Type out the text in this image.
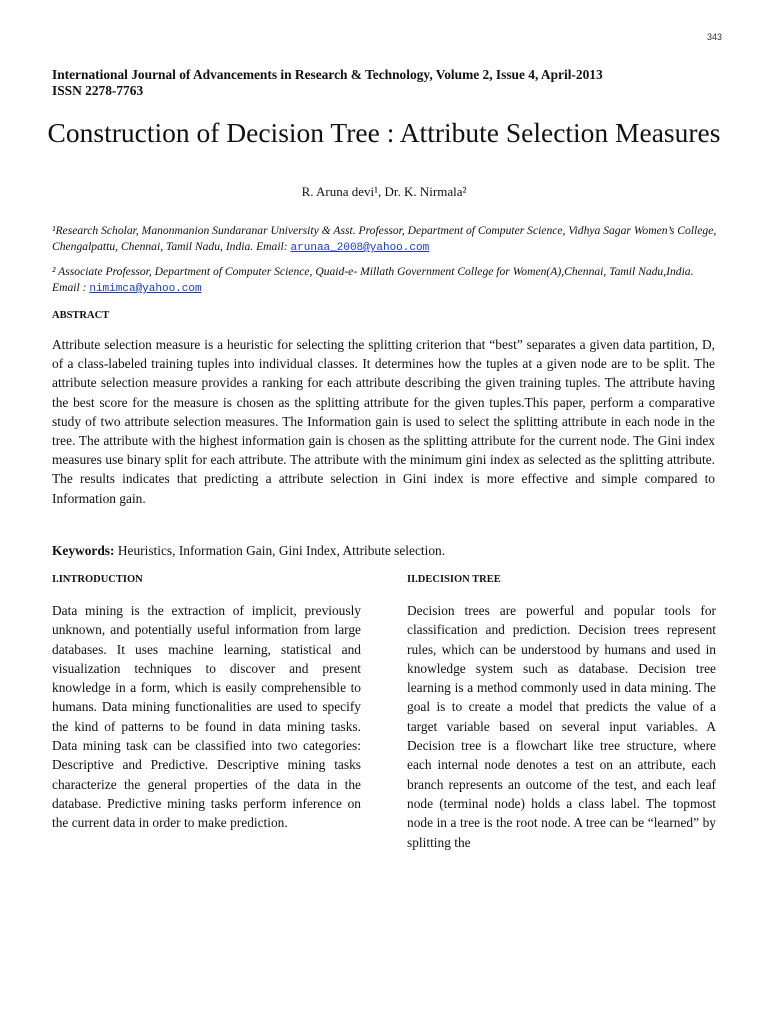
343
International Journal of Advancements in Research & Technology, Volume 2, Issue 4, April-2013
ISSN 2278-7763
Construction of Decision Tree : Attribute Selection Measures
R. Aruna devi¹, Dr. K. Nirmala²
¹Research Scholar, Manonmanion Sundaranar University & Asst. Professor, Department of Computer Science, Vidhya Sagar Women’s College, Chengalpattu, Chennai, Tamil Nadu, India. Email: arunaa_2008@yahoo.com
² Associate Professor, Department of Computer Science, Quaid-e- Millath Government College for Women(A),Chennai, Tamil Nadu,India. Email : nimimca@yahoo.com
ABSTRACT
Attribute selection measure is a heuristic for selecting the splitting criterion that “best” separates a given data partition, D, of a class-labeled training tuples into individual classes. It determines how the tuples at a given node are to be split. The attribute selection measure provides a ranking for each attribute describing the given training tuples. The attribute having the best score for the measure is chosen as the splitting attribute for the given tuples.This paper, perform a comparative study of two attribute selection measures. The Information gain is used to select the splitting attribute in each node in the tree. The attribute with the highest information gain is chosen as the splitting attribute for the current node. The Gini index measures use binary split for each attribute. The attribute with the minimum gini index as selected as the splitting attribute. The results indicates that predicting a attribute selection in Gini index is more effective and simple compared to Information gain.
Keywords: Heuristics, Information Gain, Gini Index, Attribute selection.
I.INTRODUCTION
Data mining is the extraction of implicit, previously unknown, and potentially useful information from large databases. It uses machine learning, statistical and visualization techniques to discover and present knowledge in a form, which is easily comprehensible to humans. Data mining functionalities are used to specify the kind of patterns to be found in data mining tasks. Data mining task can be classified into two categories: Descriptive and Predictive. Descriptive mining tasks characterize the general properties of the data in the database. Predictive mining tasks perform inference on the current data in order to make prediction.
II.DECISION TREE
Decision trees are powerful and popular tools for classification and prediction. Decision trees represent rules, which can be understood by humans and used in knowledge system such as database. Decision tree learning is a method commonly used in data mining. The goal is to create a model that predicts the value of a target variable based on several input variables. A Decision tree is a flowchart like tree structure, where each internal node denotes a test on an attribute, each branch represents an outcome of the test, and each leaf node (terminal node) holds a class label. The topmost node in a tree is the root node. A tree can be “learned” by splitting the
